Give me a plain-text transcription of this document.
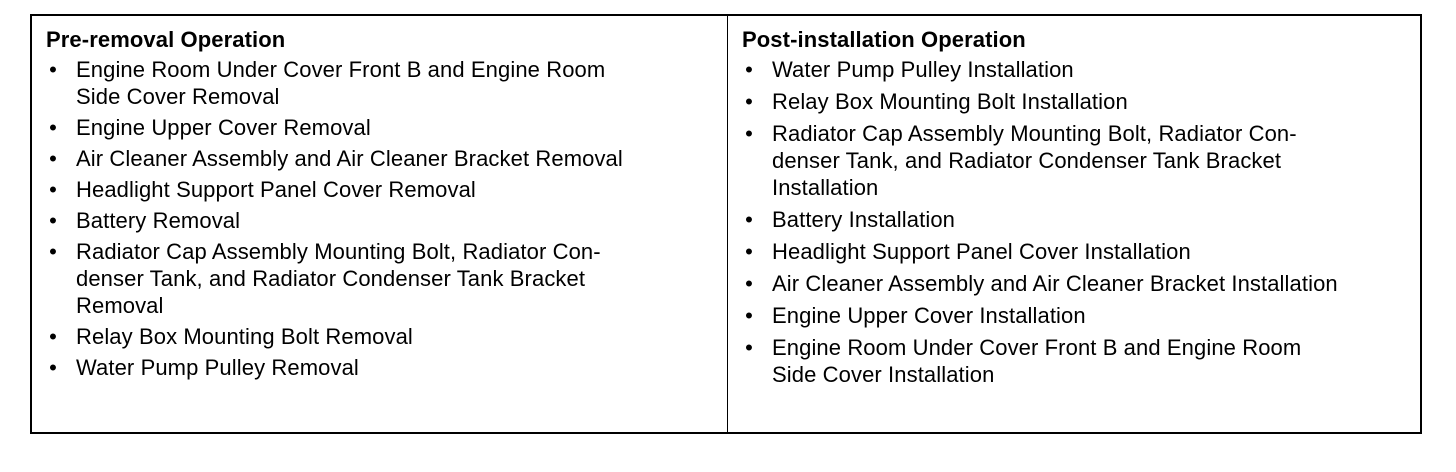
Pre-removal Operation
• Engine Room Under Cover Front B and Engine Room
Side Cover Removal
• Engine Upper Cover Removal
• Air Cleaner Assembly and Air Cleaner Bracket Removal
• Headlight Support Panel Cover Removal
• Battery Removal
• Radiator Cap Assembly Mounting Bolt, Radiator Con-
denser Tank, and Radiator Condenser Tank Bracket
Removal
• Relay Box Mounting Bolt Removal
• Water Pump Pulley Removal
Post-installation Operation
• Water Pump Pulley Installation
• Relay Box Mounting Bolt Installation
• Radiator Cap Assembly Mounting Bolt, Radiator Con-
denser Tank, and Radiator Condenser Tank Bracket
Installation
• Battery Installation
• Headlight Support Panel Cover Installation
• Air Cleaner Assembly and Air Cleaner Bracket Installation
• Engine Upper Cover Installation
• Engine Room Under Cover Front B and Engine Room
Side Cover Installation
